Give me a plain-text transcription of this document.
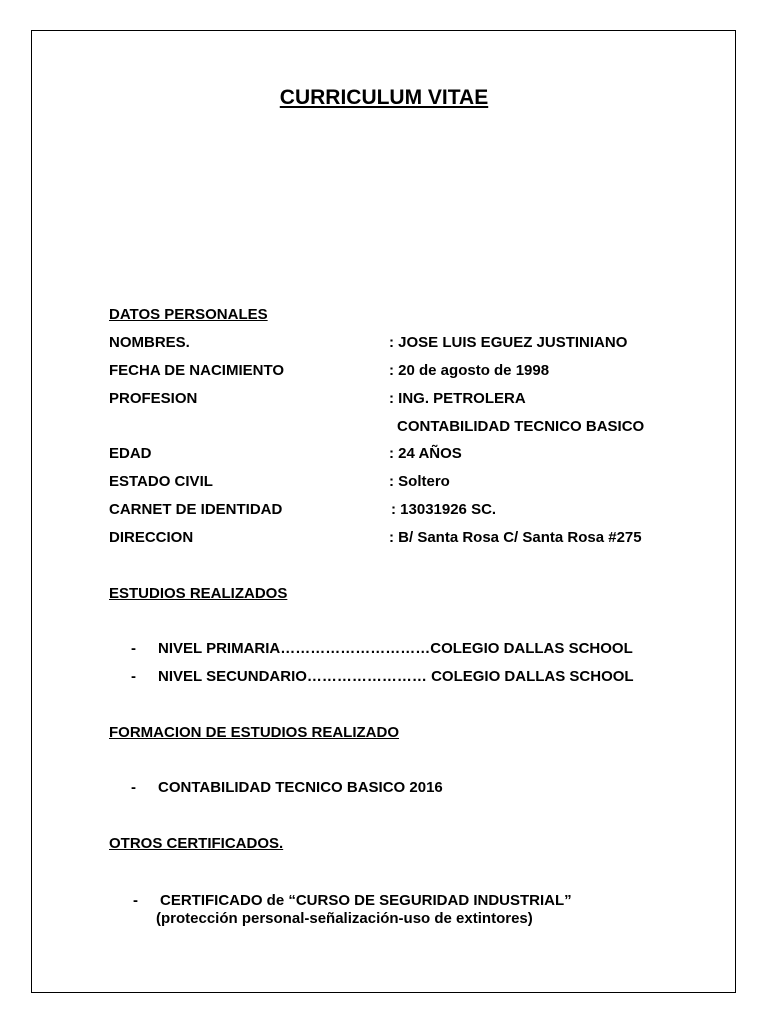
CURRICULUM VITAE
DATOS PERSONALES
NOMBRES.	: JOSE LUIS EGUEZ JUSTINIANO
FECHA DE NACIMIENTO	: 20 de agosto de 1998
PROFESION	: ING. PETROLERA
CONTABILIDAD TECNICO BASICO
EDAD	: 24 AÑOS
ESTADO CIVIL	: Soltero
CARNET DE IDENTIDAD	: 13031926 SC.
DIRECCION	: B/ Santa Rosa C/ Santa Rosa #275
ESTUDIOS REALIZADOS
- NIVEL PRIMARIA…………………………COLEGIO DALLAS SCHOOL
- NIVEL SECUNDARIO…………………… COLEGIO DALLAS SCHOOL
FORMACION DE ESTUDIOS REALIZADO
- CONTABILIDAD TECNICO BASICO 2016
OTROS CERTIFICADOS.
- CERTIFICADO de “CURSO DE SEGURIDAD INDUSTRIAL”
(protección personal-señalización-uso de extintores)
